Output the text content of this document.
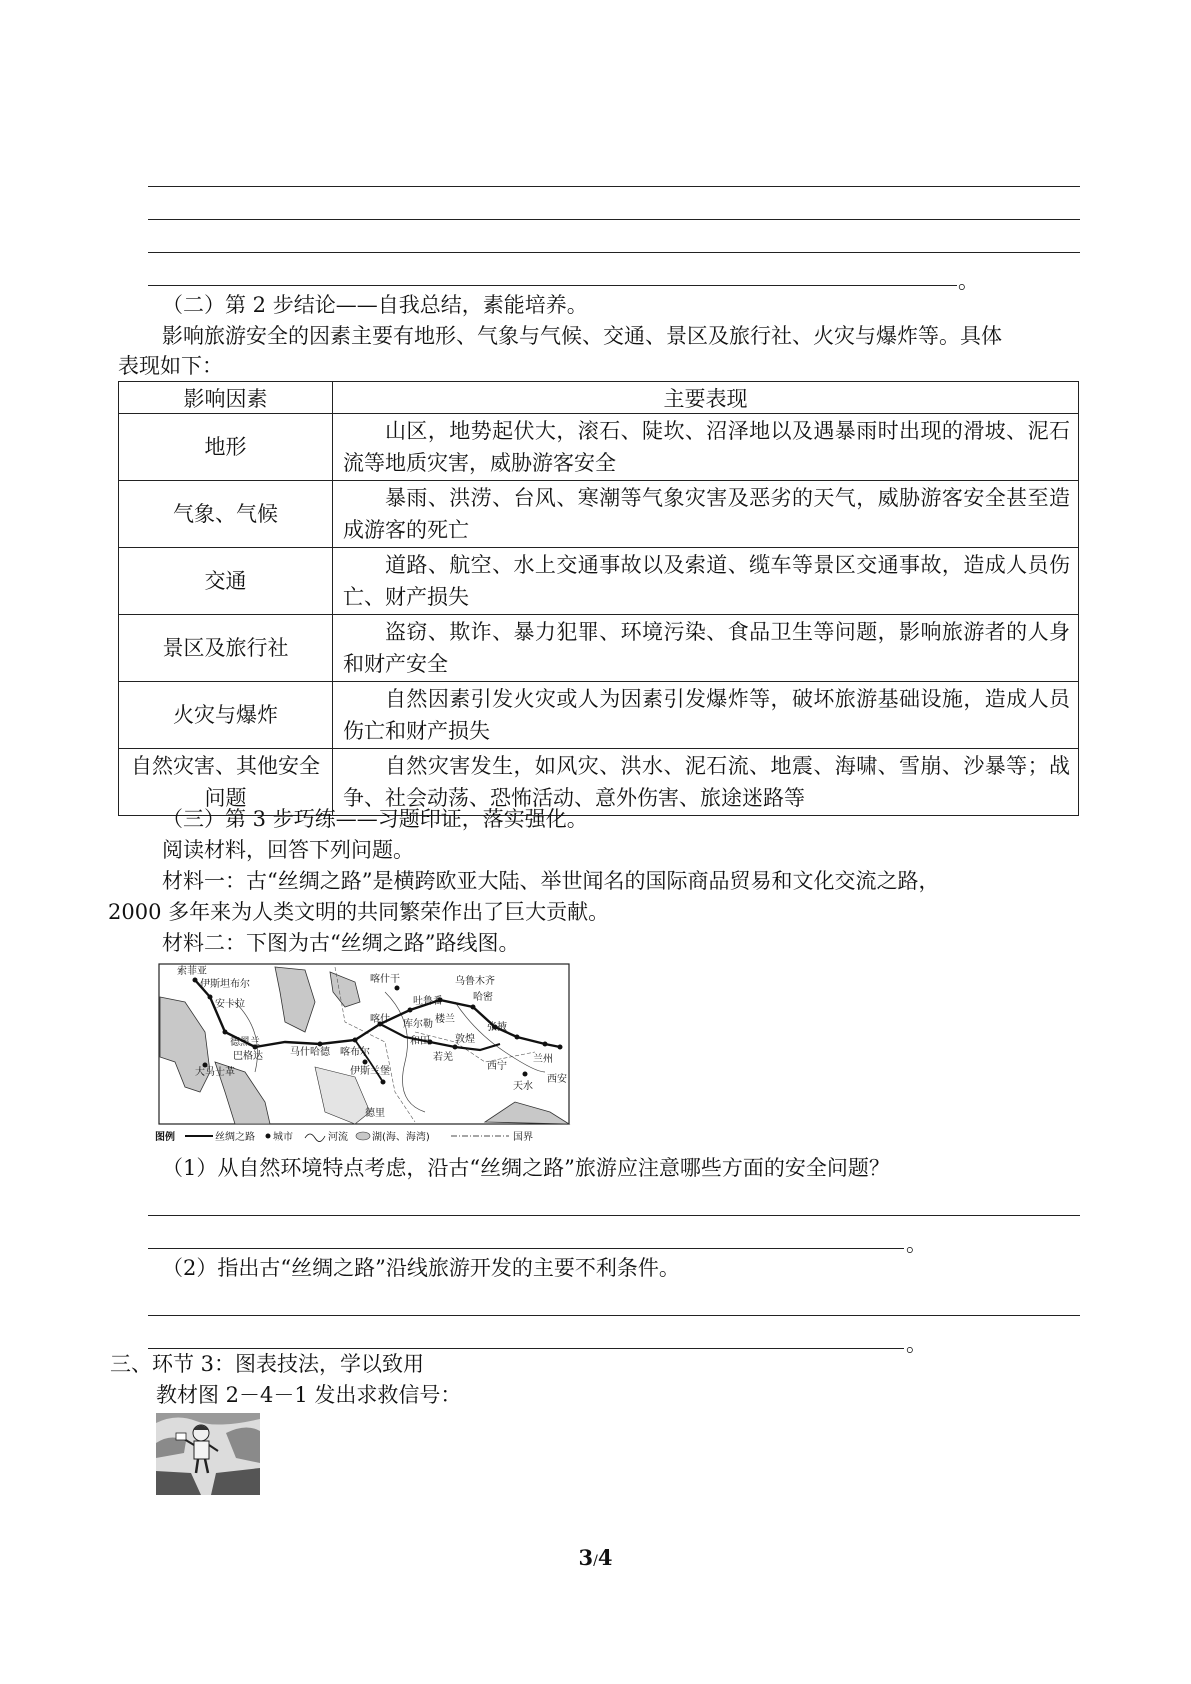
。
（二）第 2 步结论——自我总结，素能培养。
影响旅游安全的因素主要有地形、气象与气候、交通、景区及旅行社、火灾与爆炸等。具体
表现如下：
影响因素	主要表现
地形	山区，地势起伏大，滚石、陡坎、沼泽地以及遇暴雨时出现的滑坡、泥石流等地质灾害，威胁游客安全

气象、气候	暴雨、洪涝、台风、寒潮等气象灾害及恶劣的天气，威胁游客安全甚至造成游客的死亡

交通	道路、航空、水上交通事故以及索道、缆车等景区交通事故，造成人员伤亡、财产损失

景区及旅行社	盗窃、欺诈、暴力犯罪、环境污染、食品卫生等问题，影响旅游者的人身和财产安全

火灾与爆炸	自然因素引发火灾或人为因素引发爆炸等，破坏旅游基础设施，造成人员伤亡和财产损失

自然灾害、其他安全问题	自然灾害发生，如风灾、洪水、泥石流、地震、海啸、雪崩、沙暴等；战争、社会动荡、恐怖活动、意外伤害、旅途迷路等
（三）第 3 步巧练——习题印证，落实强化。
阅读材料，回答下列问题。
材料一：古“丝绸之路”是横跨欧亚大陆、举世闻名的国际商品贸易和文化交流之路，
2000 多年来为人类文明的共同繁荣作出了巨大贡献。
材料二：下图为古“丝绸之路”路线图。
索菲亚
伊斯坦布尔
安卡拉
德黑兰
巴格达
大马士革
马什哈德 喀布尔
伊斯兰堡
德里
喀什干
喀什
吐鲁番
乌鲁木齐
哈密
库尔勒
和田
楼兰
若羌
敦煌
张掖
西宁
兰州
天水
西安
图例	丝绸之路 城市	河流 湖(海、海湾)	国界
（1）从自然环境特点考虑，沿古“丝绸之路”旅游应注意哪些方面的安全问题？
。
（2）指出古“丝绸之路”沿线旅游开发的主要不利条件。
。
三、环节 3：图表技法，学以致用
教材图 2－4－1 发出求救信号：
3/4
